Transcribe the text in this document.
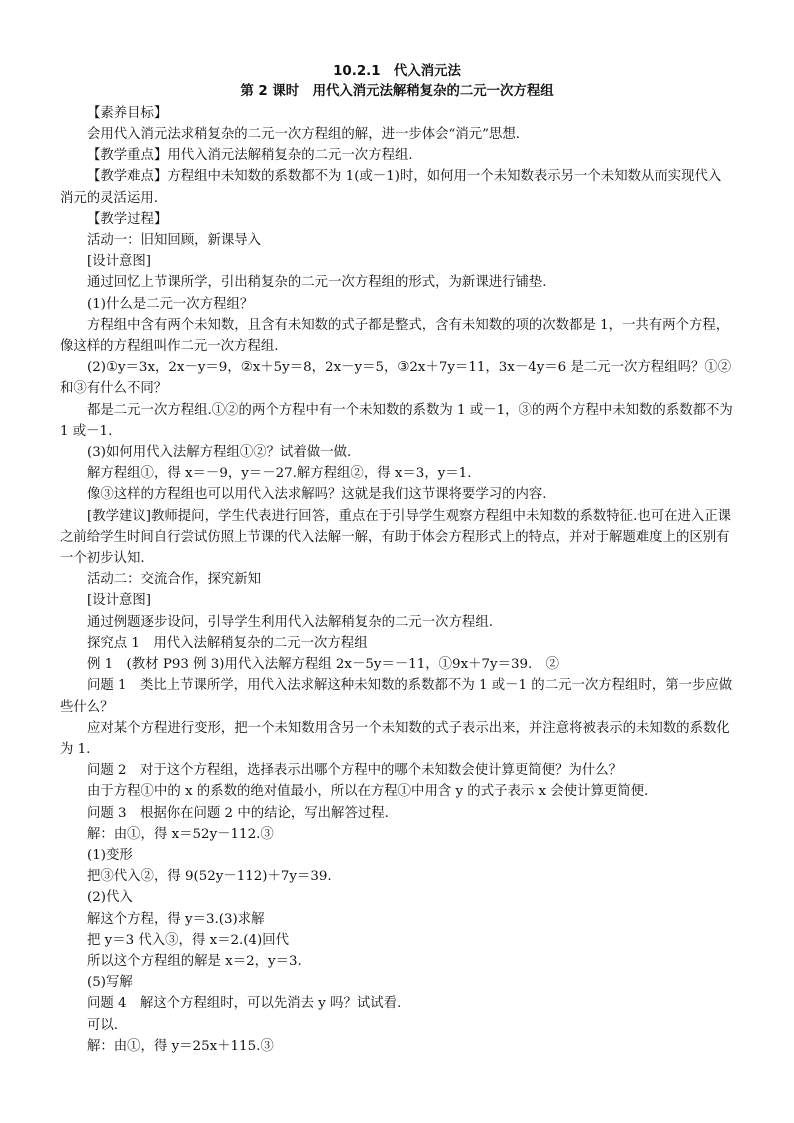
10.2.1　代入消元法
第 2 课时　用代入消元法解稍复杂的二元一次方程组

【素养目标】

会用代入消元法求稍复杂的二元一次方程组的解，进一步体会“消元”思想.

【教学重点】用代入消元法解稍复杂的二元一次方程组.

【教学难点】方程组中未知数的系数都不为 1(或－1)时，如何用一个未知数表示另一个未知数从而实现代入消元的灵活运用.

【教学过程】

活动一：旧知回顾，新课导入

[设计意图]

通过回忆上节课所学，引出稍复杂的二元一次方程组的形式，为新课进行铺垫.

(1)什么是二元一次方程组？

方程组中含有两个未知数，且含有未知数的式子都是整式，含有未知数的项的次数都是 1，一共有两个方程，像这样的方程组叫作二元一次方程组.

(2)①y＝3x，2x－y＝9，②x＋5y＝8，2x－y＝5，③2x＋7y＝11，3x－4y＝6 是二元一次方程组吗？①②和③有什么不同？

都是二元一次方程组.①②的两个方程中有一个未知数的系数为 1 或－1，③的两个方程中未知数的系数都不为 1 或－1.

(3)如何用代入法解方程组①②？试着做一做.

解方程组①，得 x＝－9，y＝－27.解方程组②，得 x＝3，y＝1.

像③这样的方程组也可以用代入法求解吗？这就是我们这节课将要学习的内容.

[教学建议]教师提问，学生代表进行回答，重点在于引导学生观察方程组中未知数的系数特征.也可在进入正课之前给学生时间自行尝试仿照上节课的代入法解一解，有助于体会方程形式上的特点，并对于解题难度上的区别有一个初步认知.

活动二：交流合作，探究新知

[设计意图]

通过例题逐步设问，引导学生利用代入法解稍复杂的二元一次方程组.

探究点 1　用代入法解稍复杂的二元一次方程组

例 1　(教材 P93 例 3)用代入法解方程组 2x－5y＝－11，①9x＋7y＝39.　②

问题 1　类比上节课所学，用代入法求解这种未知数的系数都不为 1 或－1 的二元一次方程组时，第一步应做些什么？

应对某个方程进行变形，把一个未知数用含另一个未知数的式子表示出来，并注意将被表示的未知数的系数化为 1.

问题 2　对于这个方程组，选择表示出哪个方程中的哪个未知数会使计算更简便？为什么？

由于方程①中的 x 的系数的绝对值最小，所以在方程①中用含 y 的式子表示 x 会使计算更简便.

问题 3　根据你在问题 2 中的结论，写出解答过程.

解：由①，得 x＝52y－112.③

(1)变形

把③代入②，得 9(52y－112)＋7y＝39.

(2)代入

解这个方程，得 y＝3.(3)求解

把 y＝3 代入③，得 x＝2.(4)回代

所以这个方程组的解是 x＝2，y＝3.

(5)写解

问题 4　解这个方程组时，可以先消去 y 吗？试试看.

可以.

解：由①，得 y＝25x＋115.③
